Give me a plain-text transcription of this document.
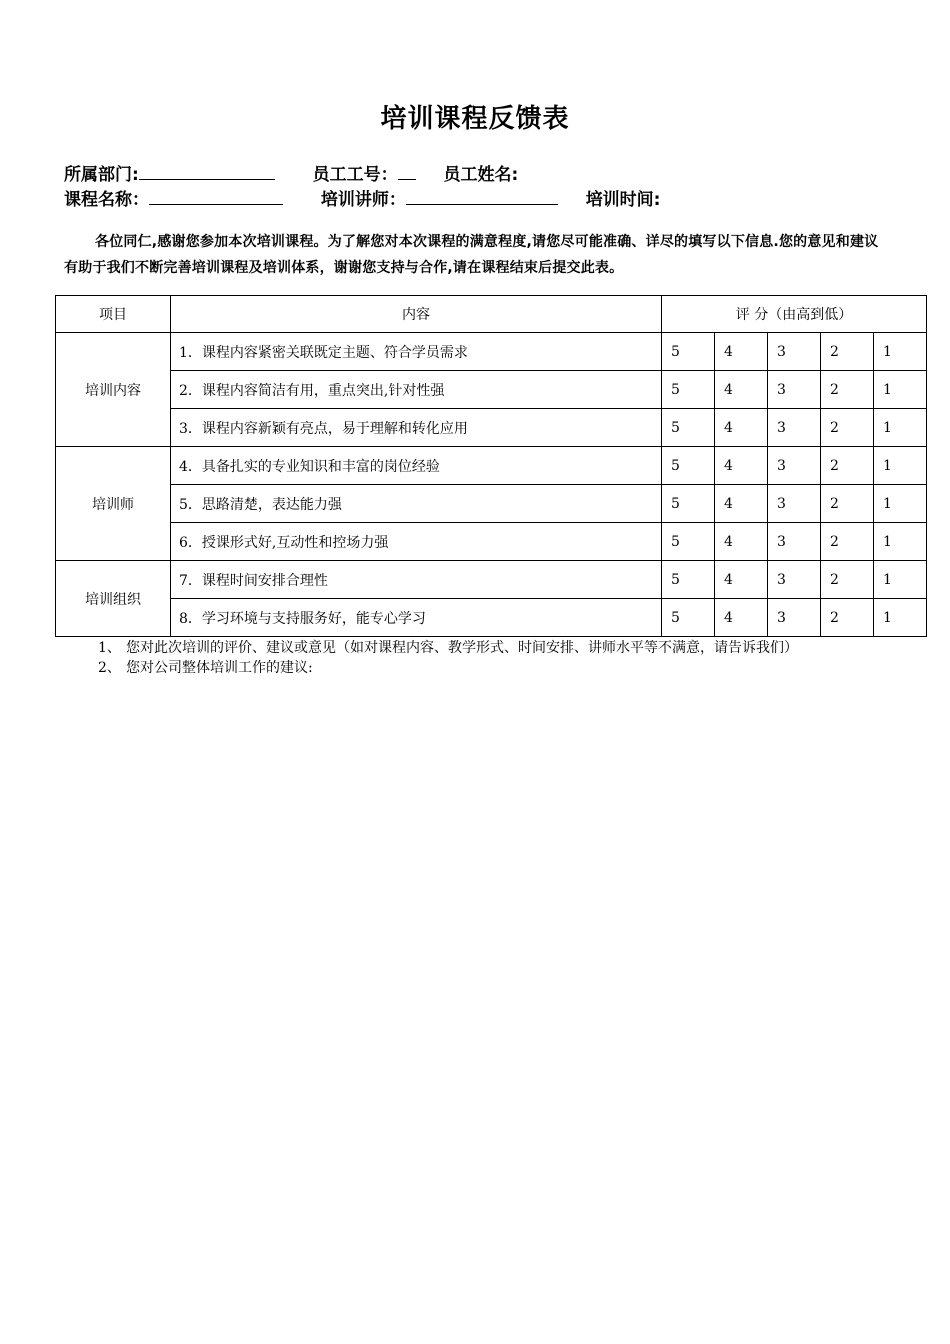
培训课程反馈表
所属部门:	员工工号：	员工姓名:
课程名称：	培训讲师：	培训时间:
各位同仁,感谢您参加本次培训课程。为了解您对本次课程的满意程度,请您尽可能准确、详尽的填写以下信息.您的意见和建议有助于我们不断完善培训课程及培训体系，谢谢您支持与合作,请在课程结束后提交此表。
项目	内容	评 分（由高到低）				
培训内容	1．课程内容紧密关联既定主题、符合学员需求	5	4	3	2	1
	2．课程内容简洁有用，重点突出,针对性强	5	4	3	2	1
	3．课程内容新颖有亮点，易于理解和转化应用	5	4	3	2	1
培训师	4．具备扎实的专业知识和丰富的岗位经验	5	4	3	2	1
	5．思路清楚，表达能力强	5	4	3	2	1
	6．授课形式好,互动性和控场力强	5	4	3	2	1
培训组织	7．课程时间安排合理性	5	4	3	2	1
	8．学习环境与支持服务好，能专心学习	5	4	3	2	1
1、 您对此次培训的评价、建议或意见（如对课程内容、教学形式、时间安排、讲师水平等不满意，请告诉我们）
2、 您对公司整体培训工作的建议:
